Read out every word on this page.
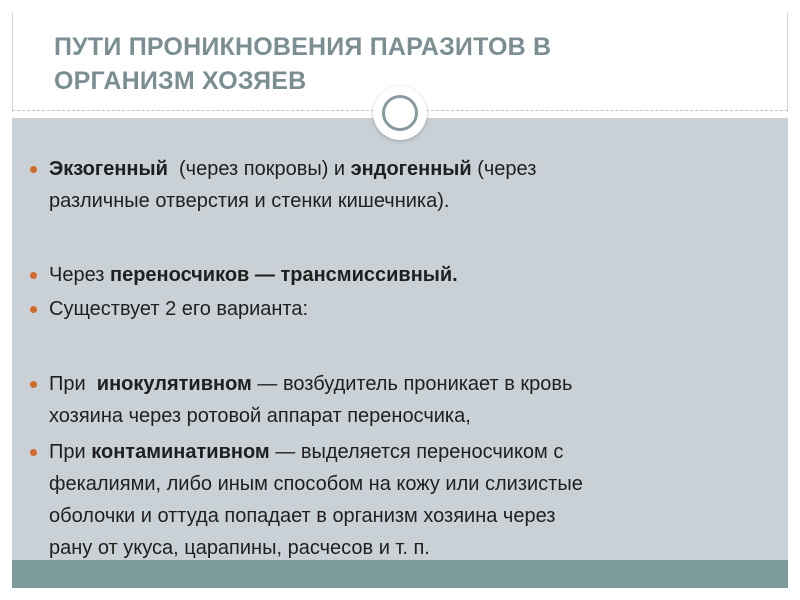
ПУТИ ПРОНИКНОВЕНИЯ ПАРАЗИТОВ В
ОРГАНИЗМ ХОЗЯЕВ
Экзогенный  (через покровы) и эндогенный (через
различные отверстия и стенки кишечника).
Через переносчиков — трансмиссивный.
Существует 2 его варианта:
При  инокулятивном — возбудитель проникает в кровь
хозяина через ротовой аппарат переносчика,
При контаминативном — выделяется переносчиком с
фекалиями, либо иным способом на кожу или слизистые
оболочки и оттуда попадает в организм хозяина через
рану от укуса, царапины, расчесов и т. п.
